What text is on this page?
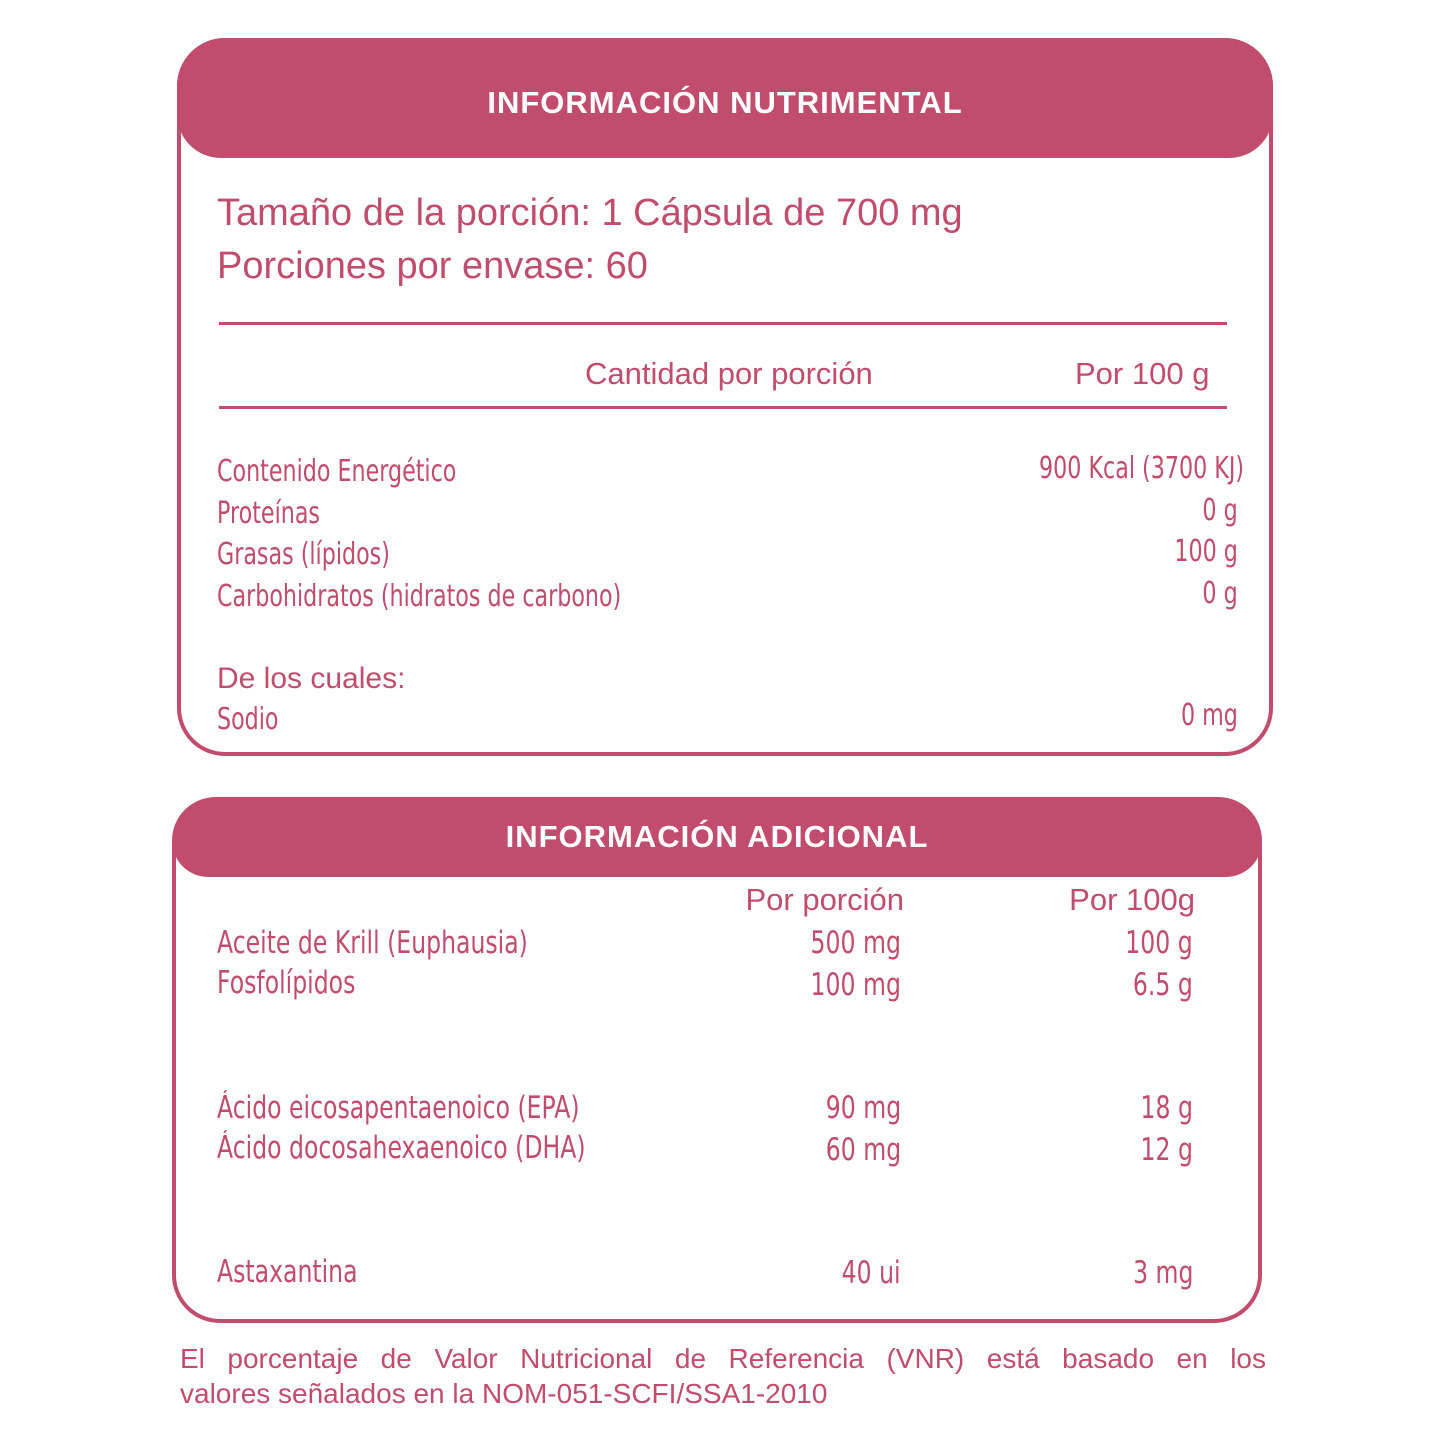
INFORMACIÓN NUTRIMENTAL
Tamaño de la porción: 1 Cápsula de 700 mg
Porciones por envase: 60
Cantidad por porción	Por 100 g
Contenido Energético	900 Kcal (3700 KJ)
Proteínas	0 g
Grasas (lípidos)	100 g
Carbohidratos (hidratos de carbono)	0 g
De los cuales:
Sodio	0 mg
INFORMACIÓN ADICIONAL
Por porción	Por 100g
Aceite de Krill (Euphausia)	500 mg	100 g
Fosfolípidos	100 mg	6.5 g
Ácido eicosapentaenoico (EPA)	90 mg	18 g
Ácido docosahexaenoico (DHA)	60 mg	12 g
Astaxantina	40 ui	3 mg
El porcentaje de Valor Nutricional de Referencia (VNR) está basado en los
valores señalados en la NOM-051-SCFI/SSA1-2010
